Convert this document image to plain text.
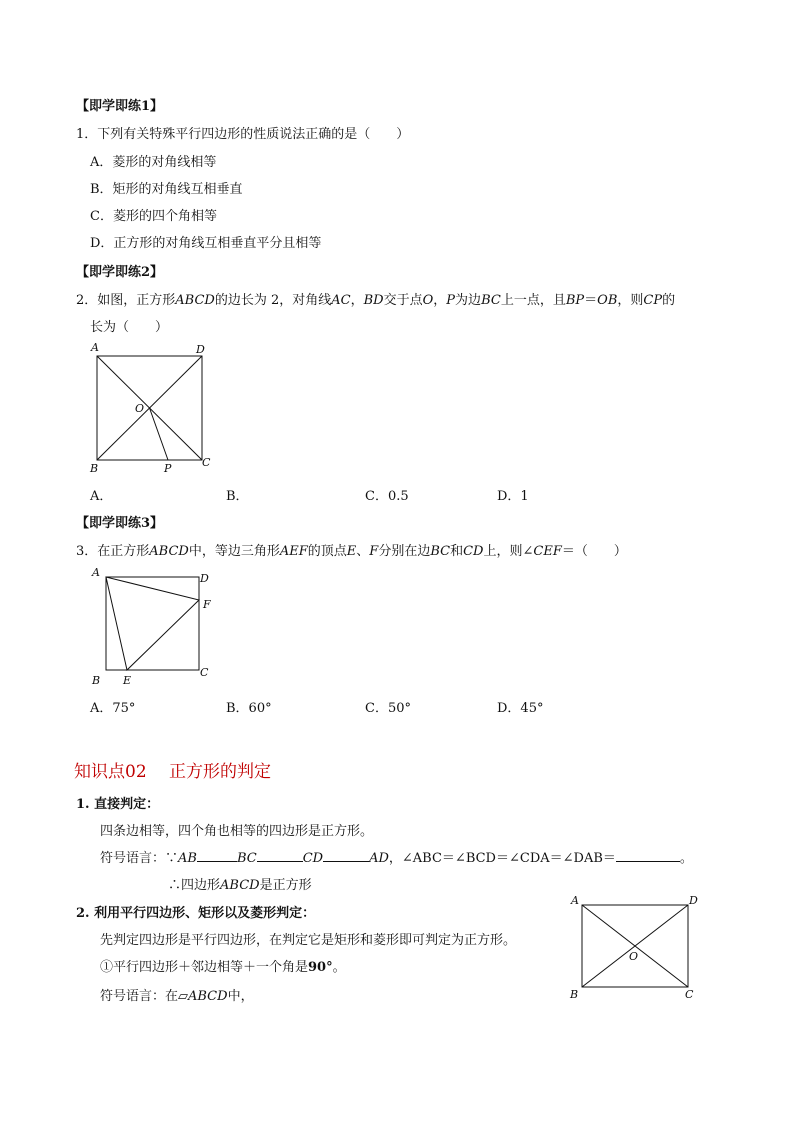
【即学即练1】
1．下列有关特殊平行四边形的性质说法正确的是（　　）
A．菱形的对角线相等
B．矩形的对角线互相垂直
C．菱形的四个角相等
D．正方形的对角线互相垂直平分且相等
【即学即练2】
2．如图，正方形ABCD的边长为 2，对角线AC，BD交于点O，P为边BC上一点，且BP＝OB，则CP的
长为（　　）
A	D
O
B	P	C
A．	B．	C．0.5	D．1
【即学即练3】
3．在正方形ABCD中，等边三角形AEF的顶点E、F分别在边BC和CD上，则∠CEF＝（　　）
A	D
F
B E
C
A．75°	B．60°	C．50°	D．45°
知识点02　 正方形的判定
1. 直接判定：
四条边相等，四个角也相等的四边形是正方形。
符号语言：∵AB	BC	CD	AD，∠ABC＝∠BCD＝∠CDA＝∠DAB＝	。
∴四边形ABCD是正方形
2. 利用平行四边形、矩形以及菱形判定：
先判定四边形是平行四边形，在判定它是矩形和菱形即可判定为正方形。
①平行四边形＋邻边相等＋一个角是90°。
符号语言：在▱ABCD中，
A	D
O
B	C
